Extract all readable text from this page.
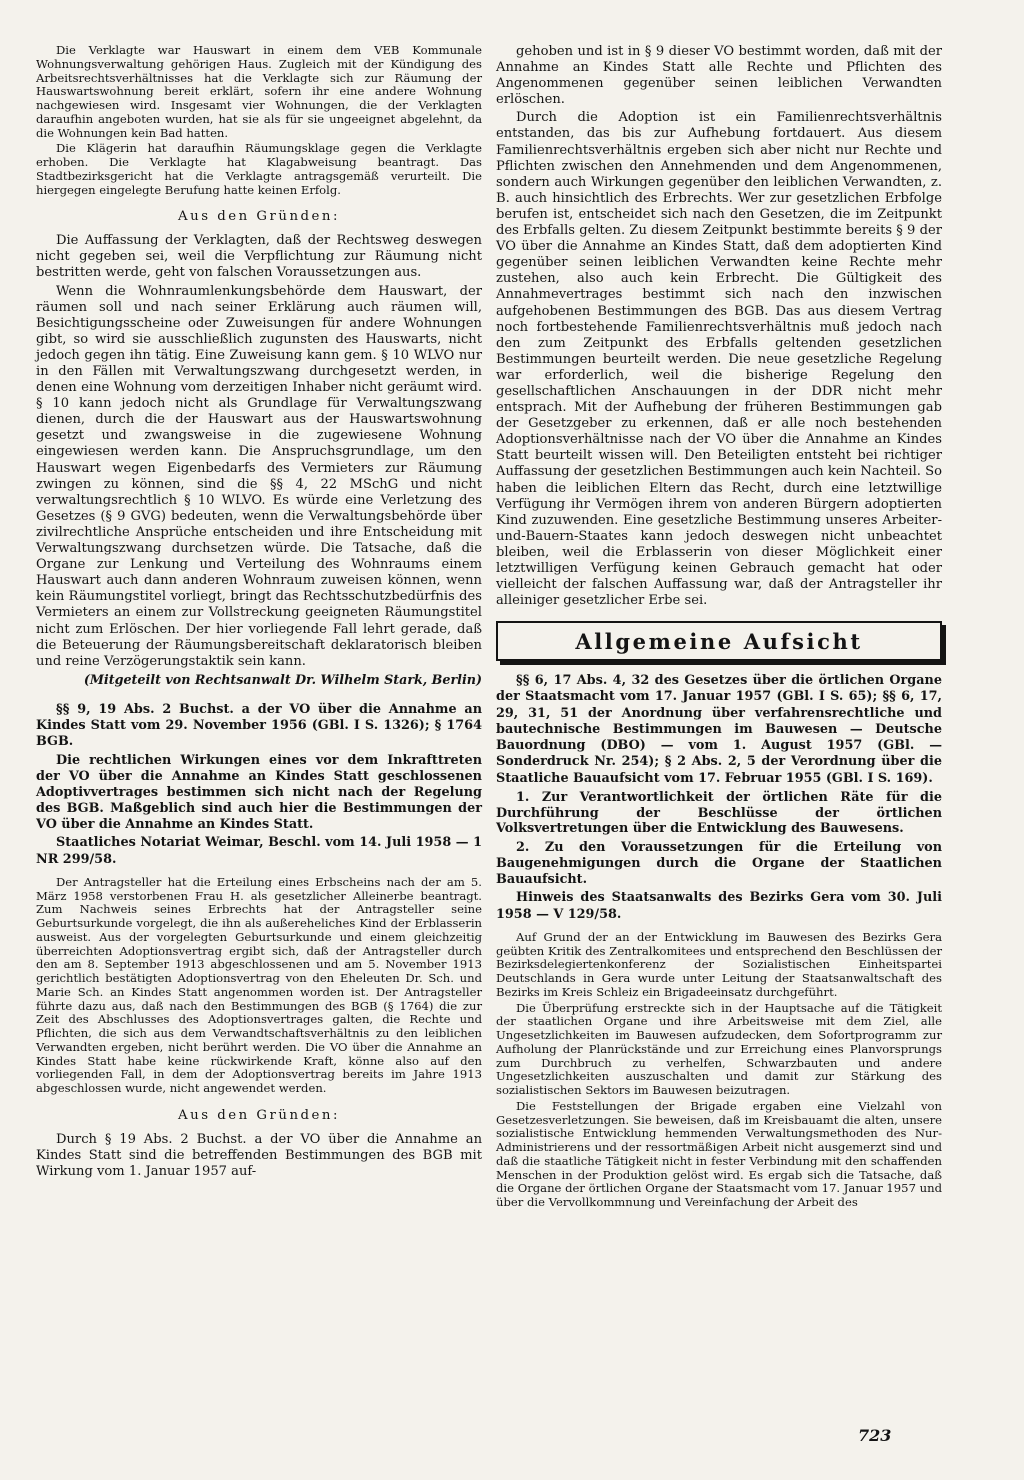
Die Verklagte war Hauswart in einem dem VEB Kommunale Wohnungsverwaltung gehörigen Haus. Zugleich mit der Kündigung des Arbeitsrechtsverhältnisses hat die Verklagte sich zur Räumung der Hauswartswohnung bereit erklärt, sofern ihr eine andere Wohnung nachgewiesen wird. Insgesamt vier Wohnungen, die der Verklagten daraufhin angeboten wurden, hat sie als für sie ungeeignet abgelehnt, da die Wohnungen kein Bad hatten.

Die Klägerin hat daraufhin Räumungsklage gegen die Verklagte erhoben. Die Verklagte hat Klagabweisung beantragt. Das Stadtbezirksgericht hat die Verklagte antragsgemäß verurteilt. Die hiergegen eingelegte Berufung hatte keinen Erfolg.

Aus den Gründen:

Die Auffassung der Verklagten, daß der Rechtsweg deswegen nicht gegeben sei, weil die Verpflichtung zur Räumung nicht bestritten werde, geht von falschen Voraussetzungen aus.

Wenn die Wohnraumlenkungsbehörde dem Hauswart, der räumen soll und nach seiner Erklärung auch räumen will, Besichtigungsscheine oder Zuweisungen für andere Wohnungen gibt, so wird sie ausschließlich zugunsten des Hauswarts, nicht jedoch gegen ihn tätig. Eine Zuweisung kann gem. § 10 WLVO nur in den Fällen mit Verwaltungszwang durchgesetzt werden, in denen eine Wohnung vom derzeitigen Inhaber nicht geräumt wird. § 10 kann jedoch nicht als Grundlage für Verwaltungszwang dienen, durch die der Hauswart aus der Hauswartswohnung gesetzt und zwangsweise in die zugewiesene Wohnung eingewiesen werden kann. Die Anspruchsgrundlage, um den Hauswart wegen Eigenbedarfs des Vermieters zur Räumung zwingen zu können, sind die §§ 4, 22 MSchG und nicht verwaltungsrechtlich § 10 WLVO. Es würde eine Verletzung des Gesetzes (§ 9 GVG) bedeuten, wenn die Verwaltungsbehörde über zivilrechtliche Ansprüche entscheiden und ihre Entscheidung mit Verwaltungszwang durchsetzen würde. Die Tatsache, daß die Organe zur Lenkung und Verteilung des Wohnraums einem Hauswart auch dann anderen Wohnraum zuweisen können, wenn kein Räumungstitel vorliegt, bringt das Rechtsschutzbedürfnis des Vermieters an einem zur Vollstreckung geeigneten Räumungstitel nicht zum Erlöschen. Der hier vorliegende Fall lehrt gerade, daß die Beteuerung der Räumungsbereitschaft deklaratorisch bleiben und reine Verzögerungstaktik sein kann.

(Mitgeteilt von Rechtsanwalt Dr. Wilhelm Stark, Berlin)

§§ 9, 19 Abs. 2 Buchst. a der VO über die Annahme an Kindes Statt vom 29. November 1956 (GBl. I S. 1326); § 1764 BGB.

Die rechtlichen Wirkungen eines vor dem Inkrafttreten der VO über die Annahme an Kindes Statt geschlossenen Adoptivvertrages bestimmen sich nicht nach der Regelung des BGB. Maßgeblich sind auch hier die Bestimmungen der VO über die Annahme an Kindes Statt.

Staatliches Notariat Weimar, Beschl. vom 14. Juli 1958 — 1 NR 299/58.

Der Antragsteller hat die Erteilung eines Erbscheins nach der am 5. März 1958 verstorbenen Frau H. als gesetzlicher Alleinerbe beantragt. Zum Nachweis seines Erbrechts hat der Antragsteller seine Geburtsurkunde vorgelegt, die ihn als außereheliches Kind der Erblasserin ausweist. Aus der vorgelegten Geburtsurkunde und einem gleichzeitig überreichten Adoptionsvertrag ergibt sich, daß der Antragsteller durch den am 8. September 1913 abgeschlossenen und am 5. November 1913 gerichtlich bestätigten Adoptionsvertrag von den Eheleuten Dr. Sch. und Marie Sch. an Kindes Statt angenommen worden ist. Der Antragsteller führte dazu aus, daß nach den Bestimmungen des BGB (§ 1764) die zur Zeit des Abschlusses des Adoptionsvertrages galten, die Rechte und Pflichten, die sich aus dem Verwandtschaftsverhältnis zu den leiblichen Verwandten ergeben, nicht berührt werden. Die VO über die Annahme an Kindes Statt habe keine rückwirkende Kraft, könne also auf den vorliegenden Fall, in dem der Adoptionsvertrag bereits im Jahre 1913 abgeschlossen wurde, nicht angewendet werden.

Aus den Gründen:

Durch § 19 Abs. 2 Buchst. a der VO über die Annahme an Kindes Statt sind die betreffenden Bestimmungen des BGB mit Wirkung vom 1. Januar 1957 auf-

gehoben und ist in § 9 dieser VO bestimmt worden, daß mit der Annahme an Kindes Statt alle Rechte und Pflichten des Angenommenen gegenüber seinen leiblichen Verwandten erlöschen.

Durch die Adoption ist ein Familienrechtsverhältnis entstanden, das bis zur Aufhebung fortdauert. Aus diesem Familienrechtsverhältnis ergeben sich aber nicht nur Rechte und Pflichten zwischen den Annehmenden und dem Angenommenen, sondern auch Wirkungen gegenüber den leiblichen Verwandten, z. B. auch hinsichtlich des Erbrechts. Wer zur gesetzlichen Erbfolge berufen ist, entscheidet sich nach den Gesetzen, die im Zeitpunkt des Erbfalls gelten. Zu diesem Zeitpunkt bestimmte bereits § 9 der VO über die Annahme an Kindes Statt, daß dem adoptierten Kind gegenüber seinen leiblichen Verwandten keine Rechte mehr zustehen, also auch kein Erbrecht. Die Gültigkeit des Annahmevertrages bestimmt sich nach den inzwischen aufgehobenen Bestimmungen des BGB. Das aus diesem Vertrag noch fortbestehende Familienrechtsverhältnis muß jedoch nach den zum Zeitpunkt des Erbfalls geltenden gesetzlichen Bestimmungen beurteilt werden. Die neue gesetzliche Regelung war erforderlich, weil die bisherige Regelung den gesellschaftlichen Anschauungen in der DDR nicht mehr entsprach. Mit der Aufhebung der früheren Bestimmungen gab der Gesetzgeber zu erkennen, daß er alle noch bestehenden Adoptionsverhältnisse nach der VO über die Annahme an Kindes Statt beurteilt wissen will. Den Beteiligten entsteht bei richtiger Auffassung der gesetzlichen Bestimmungen auch kein Nachteil. So haben die leiblichen Eltern das Recht, durch eine letztwillige Verfügung ihr Vermögen ihrem von anderen Bürgern adoptierten Kind zuzuwenden. Eine gesetzliche Bestimmung unseres Arbeiter-und-Bauern-Staates kann jedoch deswegen nicht unbeachtet bleiben, weil die Erblasserin von dieser Möglichkeit einer letztwilligen Verfügung keinen Gebrauch gemacht hat oder vielleicht der falschen Auffassung war, daß der Antragsteller ihr alleiniger gesetzlicher Erbe sei.

Allgemeine Aufsicht

§§ 6, 17 Abs. 4, 32 des Gesetzes über die örtlichen Organe der Staatsmacht vom 17. Januar 1957 (GBl. I S. 65); §§ 6, 17, 29, 31, 51 der Anordnung über verfahrensrechtliche und bautechnische Bestimmungen im Bauwesen — Deutsche Bauordnung (DBO) — vom 1. August 1957 (GBl. — Sonderdruck Nr. 254); § 2 Abs. 2, 5 der Verordnung über die Staatliche Bauaufsicht vom 17. Februar 1955 (GBl. I S. 169).

1. Zur Verantwortlichkeit der örtlichen Räte für die Durchführung der Beschlüsse der örtlichen Volksvertretungen über die Entwicklung des Bauwesens.

2. Zu den Voraussetzungen für die Erteilung von Baugenehmigungen durch die Organe der Staatlichen Bauaufsicht.

Hinweis des Staatsanwalts des Bezirks Gera vom 30. Juli 1958 — V 129/58.

Auf Grund der an der Entwicklung im Bauwesen des Bezirks Gera geübten Kritik des Zentralkomitees und entsprechend den Beschlüssen der Bezirksdelegiertenkonferenz der Sozialistischen Einheitspartei Deutschlands in Gera wurde unter Leitung der Staatsanwaltschaft des Bezirks im Kreis Schleiz ein Brigadeeinsatz durchgeführt.

Die Überprüfung erstreckte sich in der Hauptsache auf die Tätigkeit der staatlichen Organe und ihre Arbeitsweise mit dem Ziel, alle Ungesetzlichkeiten im Bauwesen aufzudecken, dem Sofortprogramm zur Aufholung der Planrückstände und zur Erreichung eines Planvorsprungs zum Durchbruch zu verhelfen, Schwarzbauten und andere Ungesetzlichkeiten auszuschalten und damit zur Stärkung des sozialistischen Sektors im Bauwesen beizutragen.

Die Feststellungen der Brigade ergaben eine Vielzahl von Gesetzesverletzungen. Sie beweisen, daß im Kreisbauamt die alten, unsere sozialistische Entwicklung hemmenden Verwaltungsmethoden des Nur-Administrierens und der ressortmäßigen Arbeit nicht ausgemerzt sind und daß die staatliche Tätigkeit nicht in fester Verbindung mit den schaffenden Menschen in der Produktion gelöst wird. Es ergab sich die Tatsache, daß die Organe der örtlichen Organe der Staatsmacht vom 17. Januar 1957 und über die Vervollkommnung und Vereinfachung der Arbeit des

723
